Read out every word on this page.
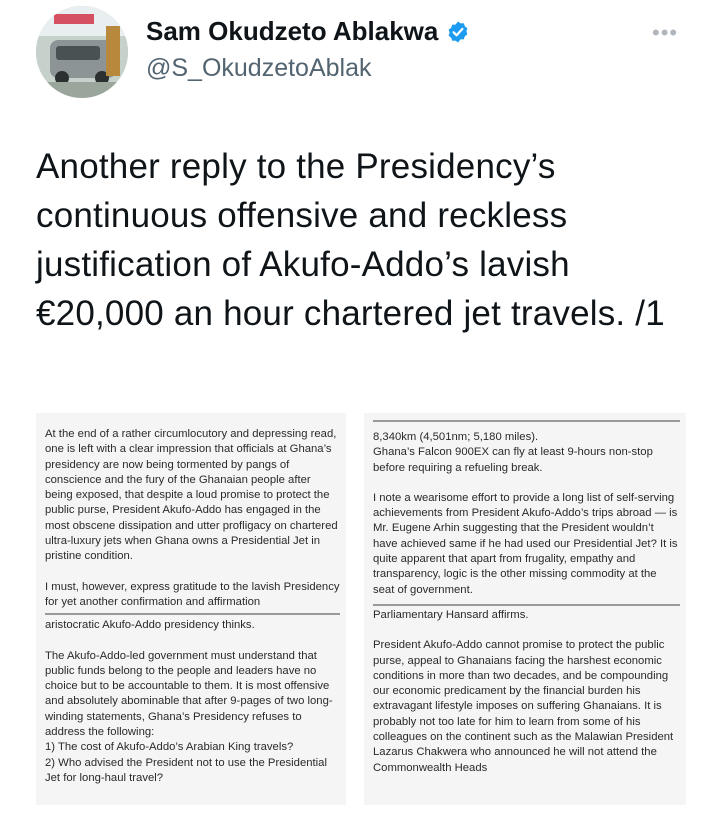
Sam Okudzeto Ablakwa
@S_OkudzetoAblak
•••
Another reply to the Presidency’s continuous offensive and reckless justification of Akufo-Addo’s lavish €20,000 an hour chartered jet travels. /1

At the end of a rather circumlocutory and depressing read, one is left with a clear impression that officials at Ghana’s presidency are now being tormented by pangs of conscience and the fury of the Ghanaian people after being exposed, that despite a loud promise to protect the public purse, President Akufo-Addo has engaged in the most obscene dissipation and utter profligacy on chartered ultra-luxury jets when Ghana owns a Presidential Jet in pristine condition.

I must, however, express gratitude to the lavish Presidency for yet another confirmation and affirmation

aristocratic Akufo-Addo presidency thinks.

The Akufo-Addo-led government must understand that public funds belong to the people and leaders have no choice but to be accountable to them. It is most offensive and absolutely abominable that after 9-pages of two long-winding statements, Ghana’s Presidency refuses to address the following:

1) The cost of Akufo-Addo’s Arabian King travels?

2) Who advised the President not to use the Presidential Jet for long-haul travel?

8,340km (4,501nm; 5,180 miles).

Ghana’s Falcon 900EX can fly at least 9-hours non-stop before requiring a refueling break.

I note a wearisome effort to provide a long list of self-serving achievements from President Akufo-Addo’s trips abroad — is Mr. Eugene Arhin suggesting that the President wouldn’t have achieved same if he had used our Presidential Jet? It is quite apparent that apart from frugality, empathy and transparency, logic is the other missing commodity at the seat of government.

Parliamentary Hansard affirms.

President Akufo-Addo cannot promise to protect the public purse, appeal to Ghanaians facing the harshest economic conditions in more than two decades, and be compounding our economic predicament by the financial burden his extravagant lifestyle imposes on suffering Ghanaians. It is probably not too late for him to learn from some of his colleagues on the continent such as the Malawian President Lazarus Chakwera who announced he will not attend the Commonwealth Heads
